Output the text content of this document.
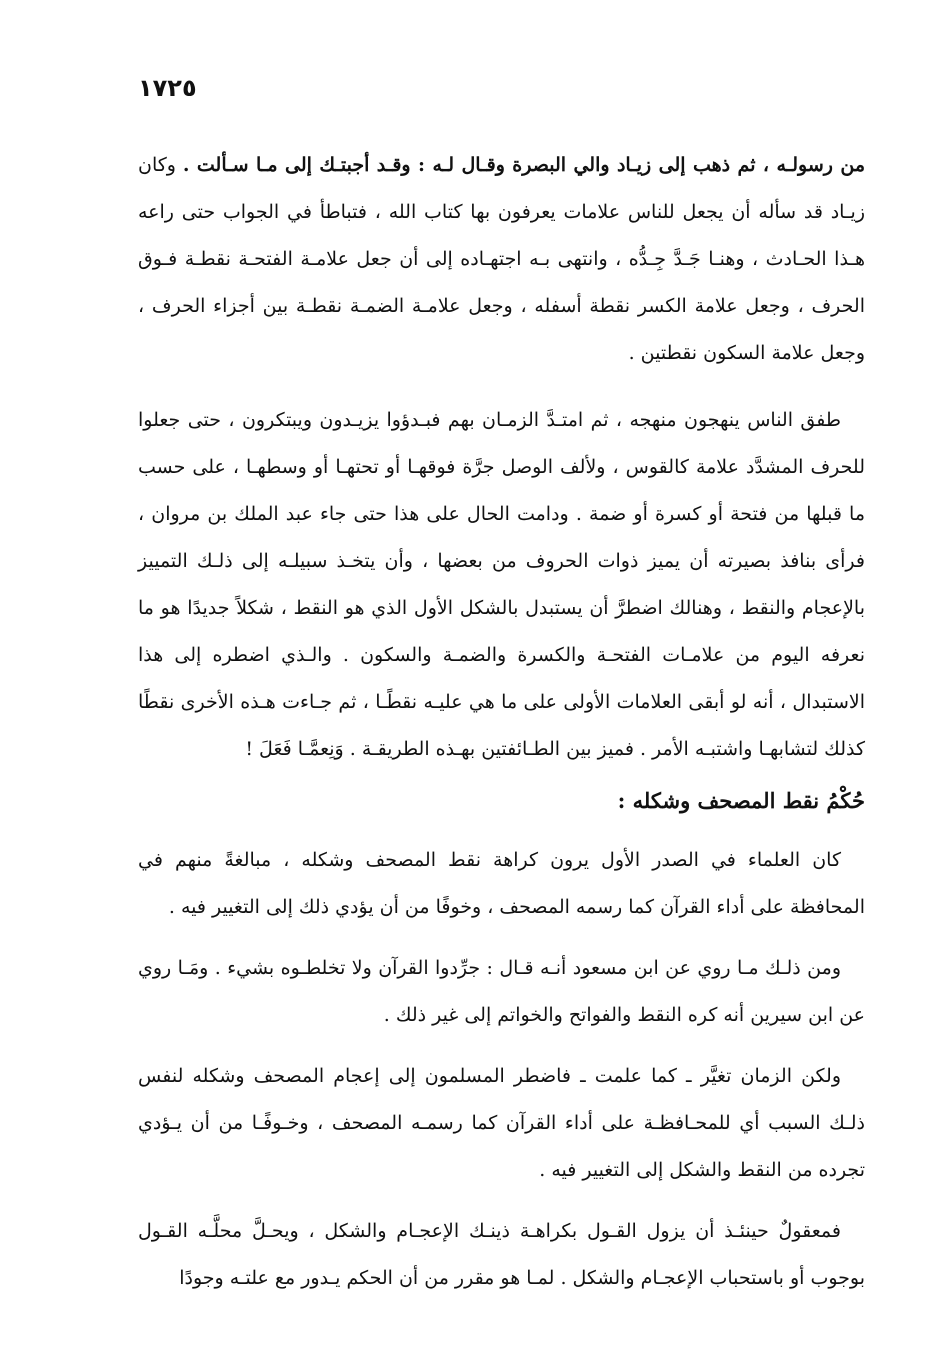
١٧٢٥

من رسولـه ، ثم ذهب إلى زيـاد والي البصرة وقـال لـه : وقـد أجبتـك إلى مـا سـألت . وكان زيـاد قد سأله أن يجعل للناس علامات يعرفون بها كتاب الله ، فتباطأ في الجواب حتى راعه هـذا الحـادث ، وهنـا جَـدَّ جِـدُّه ، وانتهى بـه اجتهـاده إلى أن جعل علامـة الفتحـة نقطـة فـوق الحرف ، وجعل علامة الكسر نقطة أسفله ، وجعل علامـة الضمـة نقطـة بين أجزاء الحرف ، وجعل علامة السكون نقطتين .

طفق الناس ينهجون منهجه ، ثم امتـدَّ الزمـان بهم فبـدؤوا يزيـدون ويبتكرون ، حتى جعلوا للحرف المشدَّد علامة كالقوس ، ولألف الوصل جرَّة فوقهـا أو تحتهـا أو وسطهـا ، على حسب ما قبلها من فتحة أو كسرة أو ضمة . ودامت الحال على هذا حتى جاء عبد الملك بن مروان ، فرأى بنافذ بصيرته أن يميز ذوات الحروف من بعضها ، وأن يتخـذ سبيلـه إلى ذلـك التمييز بالإعجام والنقط ، وهنالك اضطرَّ أن يستبدل بالشكل الأول الذي هو النقط ، شكلاً جديدًا هو ما نعرفه اليوم من علامـات الفتحـة والكسرة والضمـة والسكون . والـذي اضطره إلى هذا الاستبدال ، أنه لو أبقى العلامات الأولى على ما هي عليـه نقطًـا ، ثم جـاءت هـذه الأخرى نقطًا كذلك لتشابهـا واشتبـه الأمر . فميز بين الطـائفتين بهـذه الطريقـة . وَنِعمَّـا فَعَلَ !

حُكْمُ نقط المصحف وشكله :

كان العلماء في الصدر الأول يرون كراهة نقط المصحف وشكله ، مبالغةً منهم في المحافظة على أداء القرآن كما رسمه المصحف ، وخوفًا من أن يؤدي ذلك إلى التغيير فيه .

ومن ذلـك مـا روي عن ابن مسعود أنـه قـال : جرِّدوا القرآن ولا تخلطـوه بشيء . ومَـا روي عن ابن سيرين أنه كره النقط والفواتح والخواتم إلى غير ذلك .

ولكن الزمان تغيَّر ـ كما علمت ـ فاضطر المسلمون إلى إعجام المصحف وشكله لنفس ذلـك السبب أي للمحـافظـة على أداء القرآن كما رسمـه المصحف ، وخـوفًـا من أن يـؤدي تجرده من النقط والشكل إلى التغيير فيه .

فمعقولٌ حينئـذ أن يزول القـول بكراهـة ذينـك الإعجـام والشكل ، ويحـلَّ محلَّـه القـول بوجوب أو باستحباب الإعجـام والشكل . لمـا هو مقرر من أن الحكم يـدور مع علتـه وجودًا
